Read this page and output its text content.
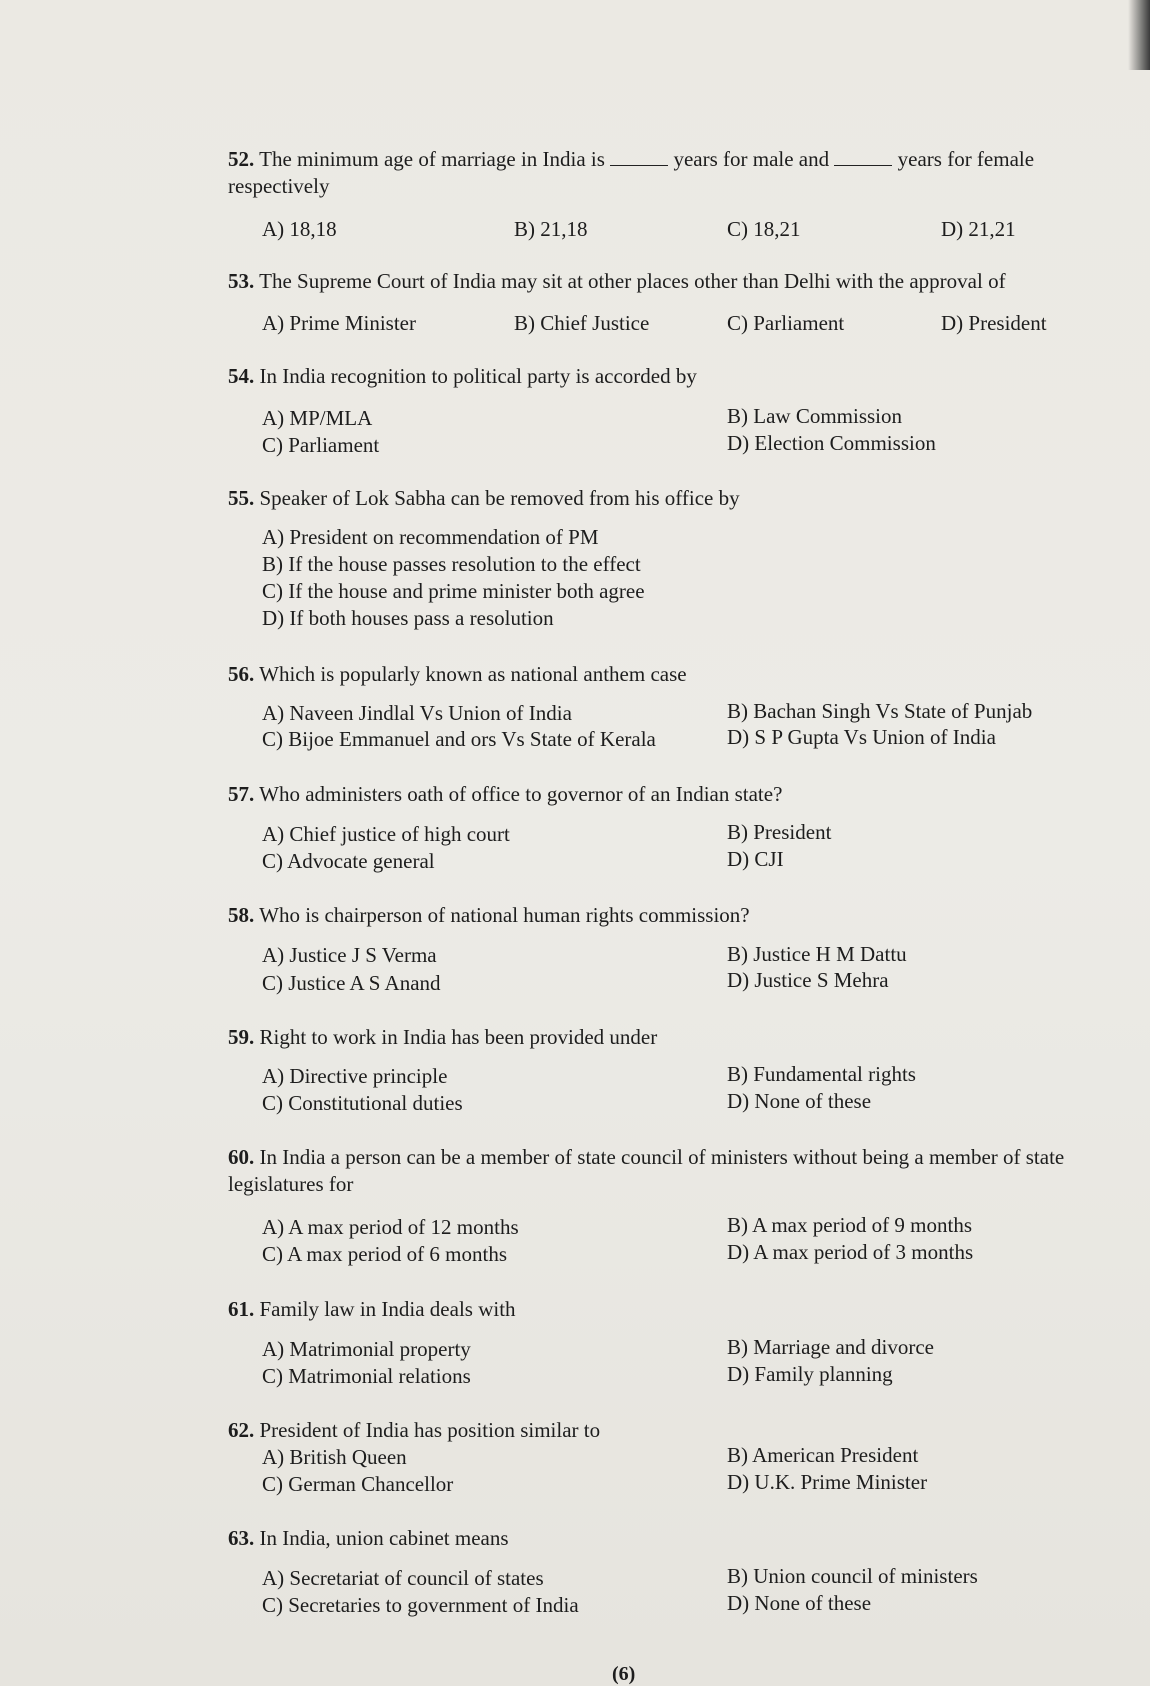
52. The minimum age of marriage in India is	years for male and	years for female respectively
A) 18,18	B) 21,18	C) 18,21	D) 21,21
53. The Supreme Court of India may sit at other places other than Delhi with the approval of
A) Prime Minister	B) Chief Justice	C) Parliament	D) President
54. In India recognition to political party is accorded by
A) MP/MLA	B) Law Commission
C) Parliament	D) Election Commission
55. Speaker of Lok Sabha can be removed from his office by
A) President on recommendation of PM
B) If the house passes resolution to the effect
C) If the house and prime minister both agree
D) If both houses pass a resolution
56. Which is popularly known as national anthem case
A) Naveen Jindlal Vs Union of India	B) Bachan Singh Vs State of Punjab
C) Bijoe Emmanuel and ors Vs State of Kerala	D) S P Gupta Vs Union of India
57. Who administers oath of office to governor of an Indian state?
A) Chief justice of high court	B) President
C) Advocate general	D) CJI
58. Who is chairperson of national human rights commission?
A) Justice J S Verma	B) Justice H M Dattu
C) Justice A S Anand	D) Justice S Mehra
59. Right to work in India has been provided under
A) Directive principle	B) Fundamental rights
C) Constitutional duties	D) None of these
60. In India a person can be a member of state council of ministers without being a member of state legislatures for
A) A max period of 12 months	B) A max period of 9 months
C) A max period of 6 months	D) A max period of 3 months
61. Family law in India deals with
A) Matrimonial property	B) Marriage and divorce
C) Matrimonial relations	D) Family planning
62. President of India has position similar to
A) British Queen	B) American President
C) German Chancellor	D) U.K. Prime Minister
63. In India, union cabinet means
A) Secretariat of council of states	B) Union council of ministers
C) Secretaries to government of India	D) None of these
(6)
